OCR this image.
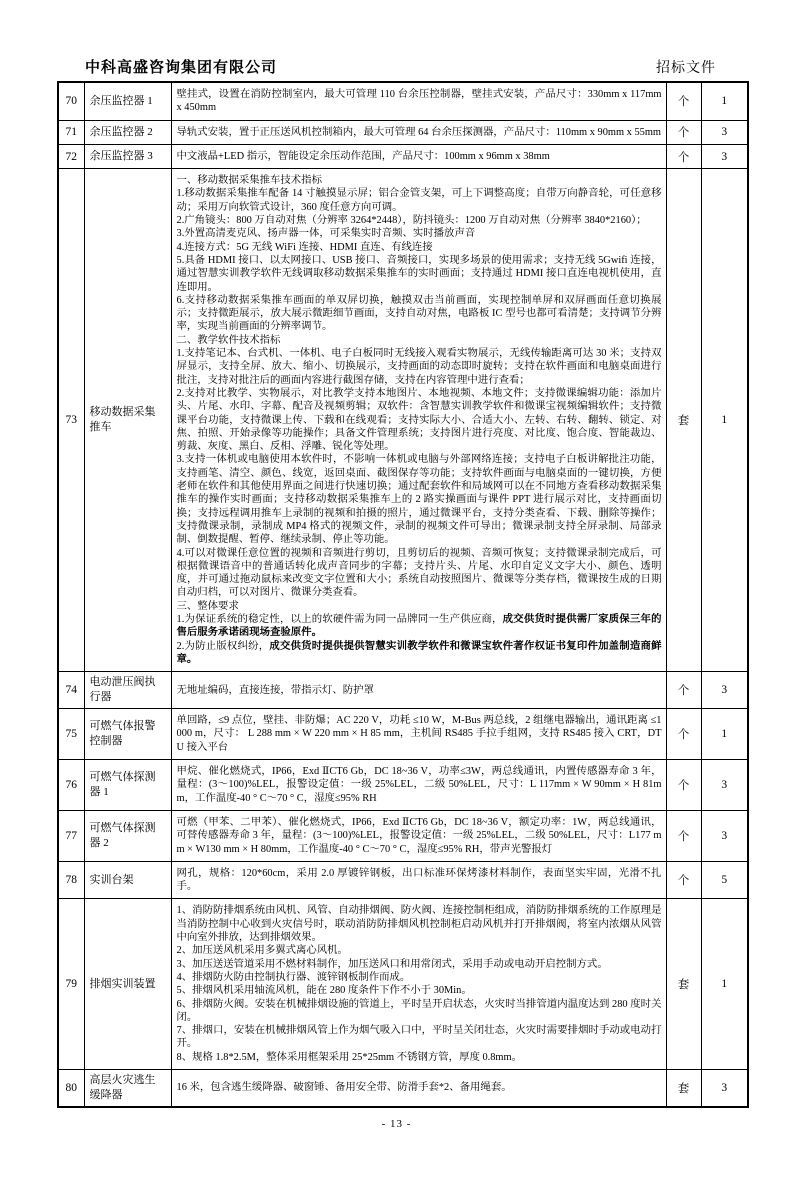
中科高盛咨询集团有限公司	招标文件
70	余压监控器 1	壁挂式，设置在消防控制室内，最大可管理 110 台余压控制器，壁挂式安装，产品尺寸：330mm x 117mm x 450mm	个	1
71	余压监控器 2	导轨式安装，置于正压送风机控制箱内，最大可管理 64 台余压探测器，产品尺寸：110mm x 90mm x 55mm	个	3
72	余压监控器 3	中文液晶+LED 指示，智能设定余压动作范围，产品尺寸：100mm x 96mm x 38mm	个	3
73	移动数据采集推车	
一、移动数据采集推车技术指标
1.移动数据采集推车配备 14 寸触摸显示屏；铝合金管支架，可上下调整高度；自带万向静音轮，可任意移动；采用万向软管式设计，360 度任意方向可调。
2.广角镜头：800 万自动对焦（分辨率 3264*2448），防抖镜头：1200 万自动对焦（分辨率 3840*2160）；
3.外置高清麦克风、扬声器一体，可采集实时音频、实时播放声音
4.连接方式：5G 无线 WiFi 连接、HDMI 直连、有线连接
5.具备 HDMI 接口、以太网接口、USB 接口、音频接口，实现多场景的使用需求；支持无线 5Gwifi 连接，通过智慧实训教学软件无线调取移动数据采集推车的实时画面；支持通过 HDMI 接口直连电视机使用，直连即用。
6.支持移动数据采集推车画面的单双屏切换，触摸双击当前画面，实现控制单屏和双屏画面任意切换展示；支持微距展示，放大展示微距细节画面，支持自动对焦，电路板 IC 型号也都可看清楚；支持调节分辨率，实现当前画面的分辨率调节。
二、教学软件技术指标
1.支持笔记本、台式机、一体机、电子白板同时无线接入观看实物展示，无线传输距离可达 30 米；支持双屏显示，支持全屏、放大、缩小、切换展示，支持画面的动态即时旋转；支持在软件画面和电脑桌面进行批注，支持对批注后的画面内容进行截图存储，支持在内容管理中进行查看；
2.支持对比教学、实物展示，对比教学支持本地图片、本地视频、本地文件；支持微课编辑功能：添加片头、片尾、水印、字幕、配音及视频剪辑；双软件：含智慧实训教学软件和微课宝视频编辑软件；支持微课平台功能，支持微课上传、下载和在线观看；支持实际大小、合适大小、左转、右转、翻转、锁定、对焦、拍照、开始录像等功能操作；具备文件管理系统；支持图片进行亮度、对比度、饱合度、智能裁边、剪裁、灰度、黑白、反相、浮雕、锐化等处理。
3.支持一体机或电脑使用本软件时，不影响一体机或电脑与外部网络连接；支持电子白板讲解批注功能，支持画笔、清空、颜色、线宽，返回桌面、截图保存等功能；支持软件画面与电脑桌面的一键切换，方便老师在软件和其他使用界面之间进行快速切换；通过配套软件和局域网可以在不同地方查看移动数据采集推车的操作实时画面；支持移动数据采集推车上的 2 路实操画面与课件 PPT 进行展示对比，支持画面切换；支持远程调用推车上录制的视频和拍摄的照片，通过微课平台，支持分类查看、下载、删除等操作；支持微课录制，录制成 MP4 格式的视频文件，录制的视频文件可导出；微课录制支持全屏录制、局部录制、倒数提醒、暂停、继续录制、停止等功能。
4.可以对微课任意位置的视频和音频进行剪切，且剪切后的视频、音频可恢复；支持微课录制完成后，可根据微课语音中的普通话转化成声音同步的字幕；支持片头、片尾、水印自定义文字大小、颜色、透明度，并可通过拖动鼠标来改变文字位置和大小；系统自动按照图片、微课等分类存档，微课按生成的日期自动归档，可以对图片、微课分类查看。
三、整体要求
1.为保证系统的稳定性，以上的软硬件需为同一品牌同一生产供应商，成交供货时提供需厂家质保三年的售后服务承诺函现场查验原件。
2.为防止版权纠纷，成交供货时提供提供智慧实训教学软件和微课宝软件著作权证书复印件加盖制造商鲜章。
	套	1
74	电动泄压阀执行器	无地址编码，直接连接，带指示灯、防护罩	个	3
75	可燃气体报警控制器	单回路，≤9 点位，壁挂、非防爆；AC 220 V，功耗 ≤10 W，M-Bus 两总线，2 组继电器输出，通讯距离 ≤1000 m，尺寸： L 288 mm × W 220 mm × H 85 mm，主机间 RS485 手拉手组网，支持 RS485 接入 CRT，DTU 接入平台	个	1
76	可燃气体探测器 1	甲烷、催化燃烧式，IP66，Exd ⅡCT6 Gb，DC 18~36 V，功率≤3W，两总线通讯，内置传感器寿命 3 年，量程：(3～100)%LEL，报警设定值：一级 25%LEL，二级 50%LEL，尺寸：L 117mm × W 90mm × H 81mm，工作温度-40 ° C～70 ° C，湿度≤95% RH	个	3
77	可燃气体探测器 2	可燃（甲苯、二甲苯）、催化燃烧式，IP66，Exd ⅡCT6 Gb，DC 18~36 V，额定功率：1W，两总线通讯，可替传感器寿命 3 年，量程：(3～100)%LEL，报警设定值：一级 25%LEL，二级 50%LEL，尺寸：L177 mm × W130 mm × H 80mm，工作温度-40 ° C～70 ° C，湿度≤95% RH，带声光警报灯	个	3
78	实训台架	网孔，规格：120*60cm，采用 2.0 厚镀锌钢板，出口标准环保烤漆材料制作，表面坚实牢固，光滑不扎手。	个	5
79	排烟实训装置	
1、消防防排烟系统由风机、风管、自动排烟阀、防火阀、连接控制柜组成，消防防排烟系统的工作原理是当消防控制中心收到火灾信号时，联动消防防排烟风机控制柜启动风机并打开排烟阀，将室内浓烟从风管中向室外排放，达到排烟效果。
2、加压送风机采用多翼式离心风机。
3、加压送送管道采用不燃材料制作，加压送风口和用常闭式，采用手动或电动开启控制方式。
4、排烟防火防由控制执行器、渡锌钢板制作而成。
5、排烟风机采用轴流风机，能在 280 度条件下作不小于 30Min。
6、排烟防火阀。安装在机械排烟设施的管道上，平时呈开启状态，火灾时当排管道内温度达到 280 度时关闭。
7、排烟口，安装在机械排烟风管上作为烟气吸入口中，平时呈关闭壮态，火灾时需要排烟时手动或电动打开。
8、规格 1.8*2.5M，整体采用框架采用 25*25mm 不锈钢方管，厚度 0.8mm。
	套	1
80	高层火灾逃生缓降器	16 米，包含逃生缓降器、破窗锤、备用安全带、防滑手套*2、备用绳套。	套	3
- 13 -
